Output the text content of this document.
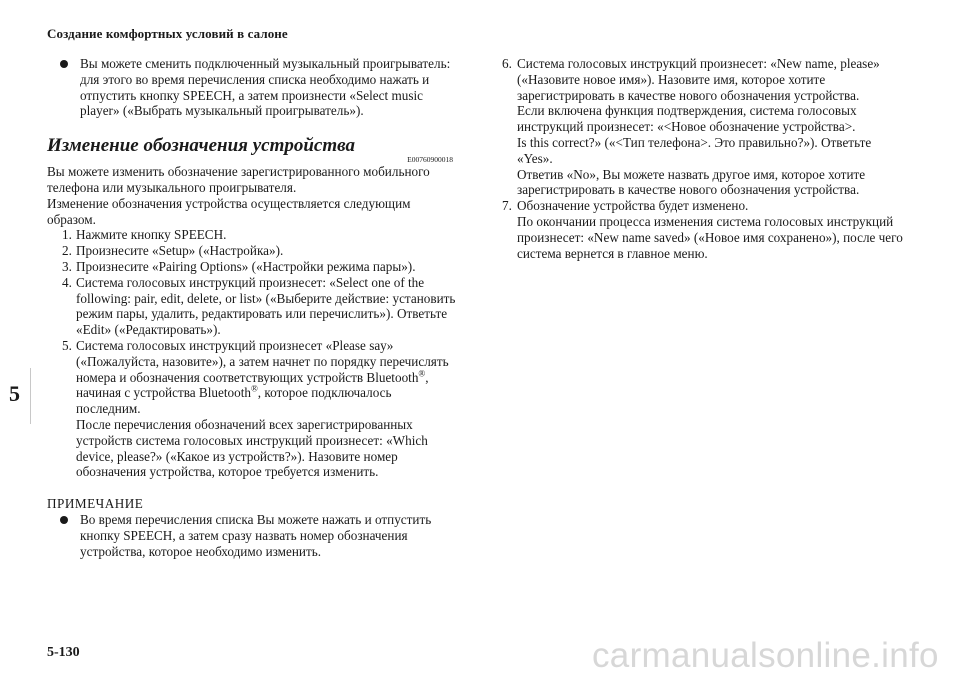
Создание комфортных условий в салоне
5

Вы можете сменить подключенный музыкальный проигрыватель: для этого во время перечисления списка необходимо нажать и отпустить кнопку SPEECH, а затем произнести «Select music player» («Выбрать музыкальный проигрыватель»).

Изменение обозначения устройства
E00760900018

Вы можете изменить обозначение зарегистрированного мобильного телефона или музыкального проигрывателя.

Изменение обозначения устройства осуществляется следующим образом.

1. Нажмите кнопку SPEECH.

2. Произнесите «Setup» («Настройка»).

3. Произнесите «Pairing Options» («Настройки режима пары»).

4. Система голосовых инструкций произнесет: «Select one of the following: pair, edit, delete, or list» («Выберите действие: установить режим пары, удалить, редактировать или перечислить»). Ответьте «Edit» («Редактировать»).

5. Система голосовых инструкций произнесет «Please say» («Пожалуйста, назовите»), а затем начнет по порядку перечислять номера и обозначения соответствующих устройств Bluetooth®, начиная с устройства Bluetooth®, которое подключалось последним.

После перечисления обозначений всех зарегистрированных устройств система голосовых инструкций произнесет: «Which device, please?» («Какое из устройств?»). Назовите номер обозначения устройства, которое требуется изменить.

ПРИМЕЧАНИЕ

Во время перечисления списка Вы можете нажать и отпустить кнопку SPEECH, а затем сразу назвать номер обозначения устройства, которое необходимо изменить.

6. Система голосовых инструкций произнесет: «New name, please» («Назовите новое имя»). Назовите имя, которое хотите зарегистрировать в качестве нового обозначения устройства.

Если включена функция подтверждения, система голосовых инструкций произнесет: «<Новое обозначение устройства>.

Is this correct?» («<Тип телефона>. Это правильно?»). Ответьте «Yes».

Ответив «No», Вы можете назвать другое имя, которое хотите зарегистрировать в качестве нового обозначения устройства.

7. Обозначение устройства будет изменено.

По окончании процесса изменения система голосовых инструкций произнесет: «New name saved» («Новое имя сохранено»), после чего система вернется в главное меню.

5-130	carmanualsonline.info
